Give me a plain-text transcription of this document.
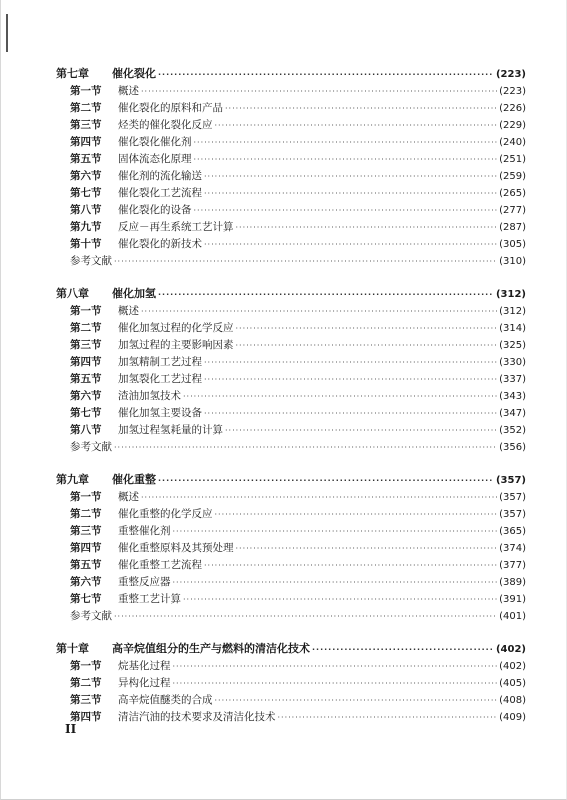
第七章	催化裂化 ·····	(223)
第一节	概述 ·····	(223)
第二节	催化裂化的原料和产品 ·····	(226)
第三节	烃类的催化裂化反应 ·····	(229)
第四节	催化裂化催化剂 ·····	(240)
第五节	固体流态化原理 ·····	(251)
第六节	催化剂的流化输送 ·····	(259)
第七节	催化裂化工艺流程 ·····	(265)
第八节	催化裂化的设备 ·····	(277)
第九节	反应－再生系统工艺计算 ·····	(287)
第十节	催化裂化的新技术 ·····	(305)
参考文献 ·····	(310)
第八章	催化加氢 ·····	(312)
第一节	概述 ·····	(312)
第二节	催化加氢过程的化学反应 ·····	(314)
第三节	加氢过程的主要影响因素 ·····	(325)
第四节	加氢精制工艺过程 ·····	(330)
第五节	加氢裂化工艺过程 ·····	(337)
第六节	渣油加氢技术 ·····	(343)
第七节	催化加氢主要设备 ·····	(347)
第八节	加氢过程氢耗量的计算 ·····	(352)
参考文献 ·····	(356)
第九章	催化重整 ·····	(357)
第一节	概述 ·····	(357)
第二节	催化重整的化学反应 ·····	(357)
第三节	重整催化剂 ·····	(365)
第四节	催化重整原料及其预处理 ·····	(374)
第五节	催化重整工艺流程 ·····	(377)
第六节	重整反应器 ·····	(389)
第七节	重整工艺计算 ·····	(391)
参考文献 ·····	(401)
第十章	高辛烷值组分的生产与燃料的清洁化技术 ·····	(402)
第一节	烷基化过程 ·····	(402)
第二节	异构化过程 ·····	(405)
第三节	高辛烷值醚类的合成 ·····	(408)
第四节	清洁汽油的技术要求及清洁化技术 ·····	(409)
II
